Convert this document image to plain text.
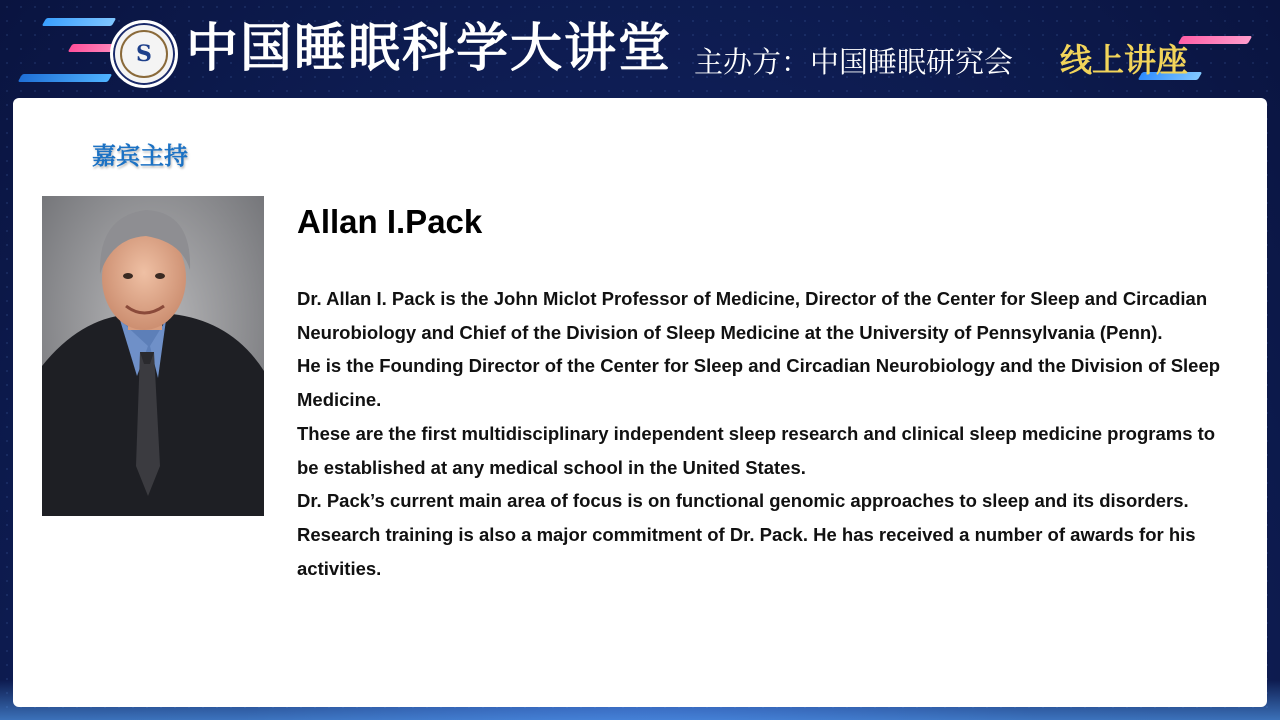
S 中国睡眠科学大讲堂 主办方：中国睡眠研究会 线上讲座
嘉宾主持
Allan I.Pack

Dr. Allan I. Pack is the John Miclot Professor of Medicine, Director of the Center for Sleep and Circadian Neurobiology and Chief of the Division of Sleep Medicine at the University of Pennsylvania (Penn).

He is the Founding Director of the Center for Sleep and Circadian Neurobiology and the Division of Sleep Medicine.

These are the first multidisciplinary independent sleep research and clinical sleep medicine programs to be established at any medical school in the United States.

Dr. Pack’s current main area of focus is on functional genomic approaches to sleep and its disorders.

Research training is also a major commitment of Dr. Pack. He has received a number of awards for his activities.
